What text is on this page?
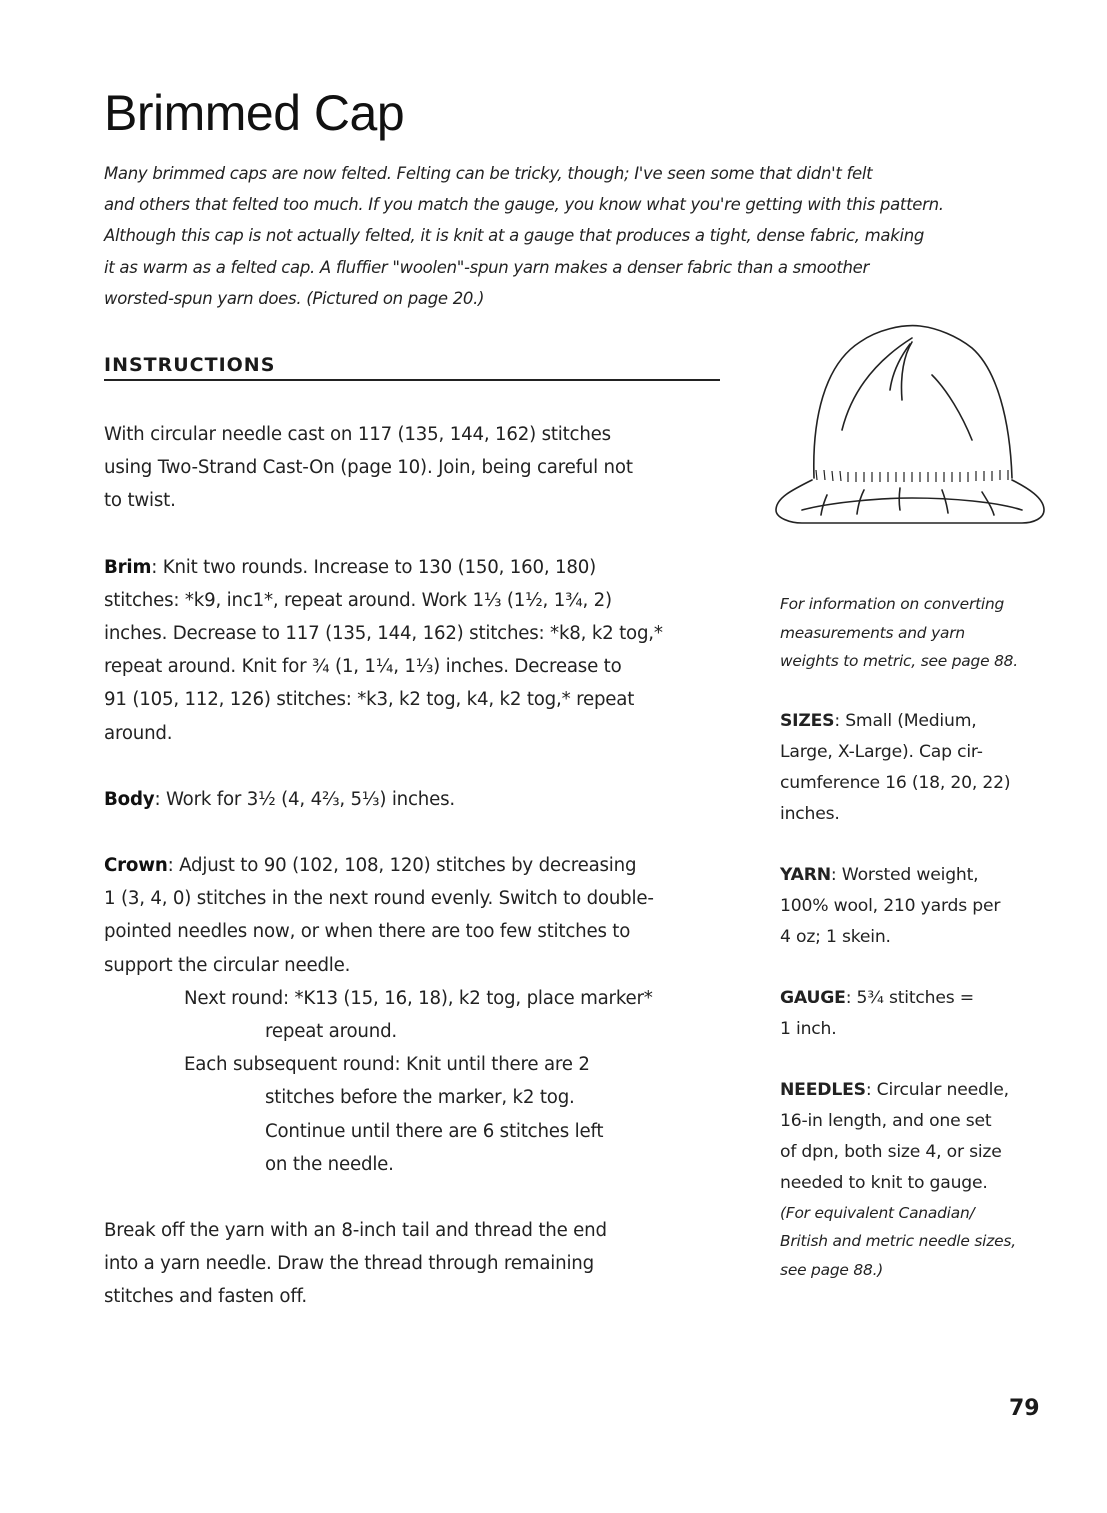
Brimmed Cap
Many brimmed caps are now felted. Felting can be tricky, though; I've seen some that didn't felt
and others that felted too much. If you match the gauge, you know what you're getting with this pattern.
Although this cap is not actually felted, it is knit at a gauge that produces a tight, dense fabric, making
it as warm as a felted cap. A fluffier "woolen"-spun yarn makes a denser fabric than a smoother
worsted-spun yarn does. (Pictured on page 20.)
INSTRUCTIONS

With circular needle cast on 117 (135, 144, 162) stitches
using Two-Strand Cast-On (page 10). Join, being careful not
to twist.

Brim: Knit two rounds. Increase to 130 (150, 160, 180)
stitches: *k9, inc1*, repeat around. Work 1⅓ (1½, 1¾, 2)
inches. Decrease to 117 (135, 144, 162) stitches: *k8, k2 tog,*
repeat around. Knit for ¾ (1, 1¼, 1⅓) inches. Decrease to
91 (105, 112, 126) stitches: *k3, k2 tog, k4, k2 tog,* repeat
around.

Body: Work for 3½ (4, 4⅔, 5⅓) inches.

Crown: Adjust to 90 (102, 108, 120) stitches by decreasing
1 (3, 4, 0) stitches in the next round evenly. Switch to double-
pointed needles now, or when there are too few stitches to
support the circular needle.

Next round: *K13 (15, 16, 18), k2 tog, place marker*
repeat around.
Each subsequent round: Knit until there are 2
stitches before the marker, k2 tog.
Continue until there are 6 stitches left
on the needle.

Break off the yarn with an 8-inch tail and thread the end
into a yarn needle. Draw the thread through remaining
stitches and fasten off.

For information on converting
measurements and yarn
weights to metric, see page 88.

SIZES: Small (Medium,
Large, X-Large). Cap cir-
cumference 16 (18, 20, 22)
inches.

YARN: Worsted weight,
100% wool, 210 yards per
4 oz; 1 skein.

GAUGE: 5¾ stitches =
1 inch.

NEEDLES: Circular needle,
16-in length, and one set
of dpn, both size 4, or size
needed to knit to gauge.

(For equivalent Canadian/
British and metric needle sizes,
see page 88.)
79
